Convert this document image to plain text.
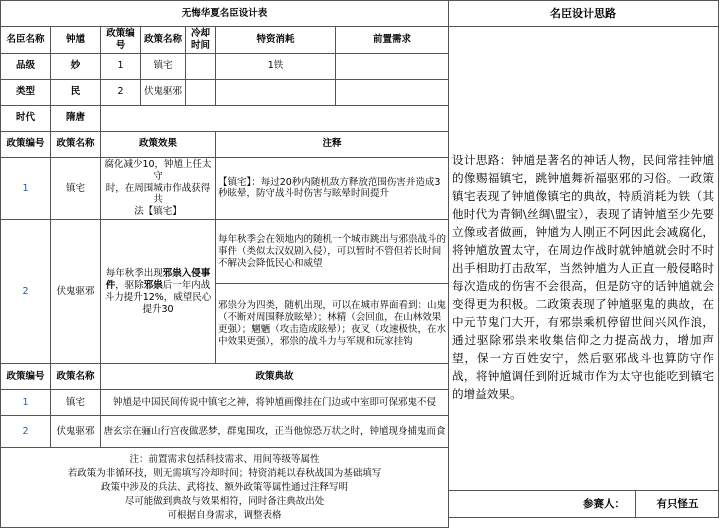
无悔华夏名臣设计表						
名臣名称	钟馗	政策编号	政策名称	冷却时间	特资消耗	前置需求
品级	妙	1	镇宅		1铁	
类型	民	2	伏鬼驱邪			
时代	隋唐					
政策编号	政策名称	政策效果			注释	
1	镇宅	腐化减少10，钟馗上任太守
时，在周围城市作战获得共
法【镇宅】			【镇宅】：每过20秒内随机敌方释放范围伤害并造成3秒眩晕，防守战斗时伤害与眩晕时间提升	
2	伏鬼驱邪	每年秋季出现邪祟入侵事件，驱除邪祟后一年内战斗力提升12%，威望民心提升30			每年秋季会在领地内的随机一个城市跳出与邪祟战斗的事件（类似太汉奴剧入侵），可以暂时不管但若长时间不解决会降低民心和威望	
					邪祟分为四类，随机出现，可以在城市界面看到：山鬼（不断对周围释放眩晕）；林精（会回血，在山林效果更强）；魍魉（攻击造成眩晕）；夜叉（攻速极快，在水中效果更强），邪祟的战斗力与军规和玩家挂钩	
政策编号	政策名称	政策典故				
1	镇宅	钟馗是中国民间传说中镇宅之神，将钟馗画像挂在门边或中室即可保邪鬼不侵				
2	伏鬼驱邪	唐玄宗在骊山行宫夜做恶梦，群鬼围攻，正当他惊恐万状之时，钟馗现身捕鬼而食				

注：前置需求包括科技需求、用间等级等属性
若政策为非循环技，则无需填写冷却时间；特资消耗以春秋战国为基础填写
政策中涉及的兵法、武将技、额外政策等属性通过注释写明
尽可能做到典故与效果相符，同时备注典故出处
可根据自身需求，调整表格						
名臣设计思路
设计思路：钟馗是著名的神话人物，民间常挂钟馗的像赐福镇宅，跳钟馗舞祈福驱邪的习俗。一政策镇宅表现了钟馗像镇宅的典故，特质消耗为铁（其他时代为青铜\丝绸\盟宝），表现了请钟馗至少先要立像或者做画，钟馗为人刚正不阿因此会减腐化，将钟馗放置太守，在周边作战时就钟馗就会时不时出手相助打击敌军，当然钟馗为人正直一般侵略时每次造成的伤害不会很高，但是防守的话钟馗就会变得更为积极。二政策表现了钟馗驱鬼的典故，在中元节鬼门大开，有邪祟乘机停留世间兴风作浪，通过驱除邪祟来收集信仰之力提高战力，增加声望，保一方百姓安宁，然后驱邪战斗也算防守作战，将钟馗调任到附近城市作为太守也能吃到镇宅的增益效果。
参赛人：	有只怪五
